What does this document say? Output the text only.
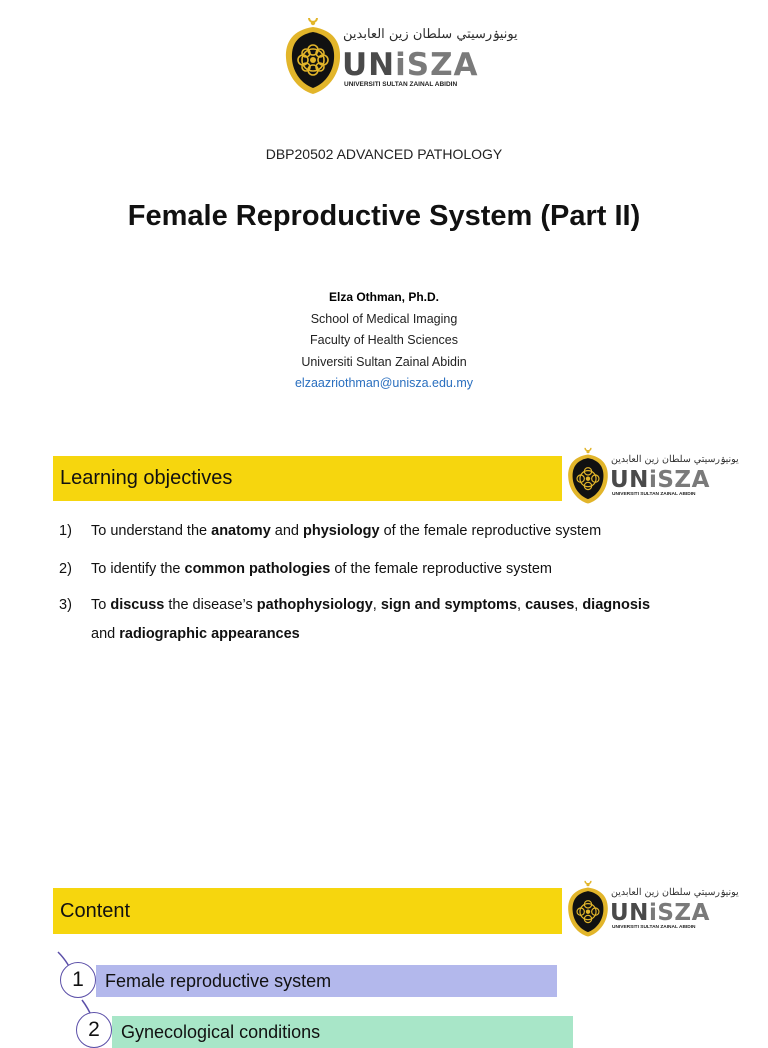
يونيۏرسيتي سلطان زين العابدين
UNiSZA
UNIVERSITI SULTAN ZAINAL ABIDIN
DBP20502 ADVANCED PATHOLOGY
Female Reproductive System (Part II)
Elza Othman, Ph.D.
School of Medical Imaging
Faculty of Health Sciences
Universiti Sultan Zainal Abidin
elzaazriothman@unisza.edu.my
Learning objectives
يونيۏرسيتي سلطان زين العابدين
UNiSZA
UNIVERSITI SULTAN ZAINAL ABIDIN
1)	To understand the anatomy and physiology of the female reproductive system
2)	To identify the common pathologies of the female reproductive system
3)	To discuss the disease’s pathophysiology, sign and symptoms, causes, diagnosis
and radiographic appearances
Content
يونيۏرسيتي سلطان زين العابدين
UNiSZA
UNIVERSITI SULTAN ZAINAL ABIDIN
Female reproductive system
1
Gynecological conditions
2
